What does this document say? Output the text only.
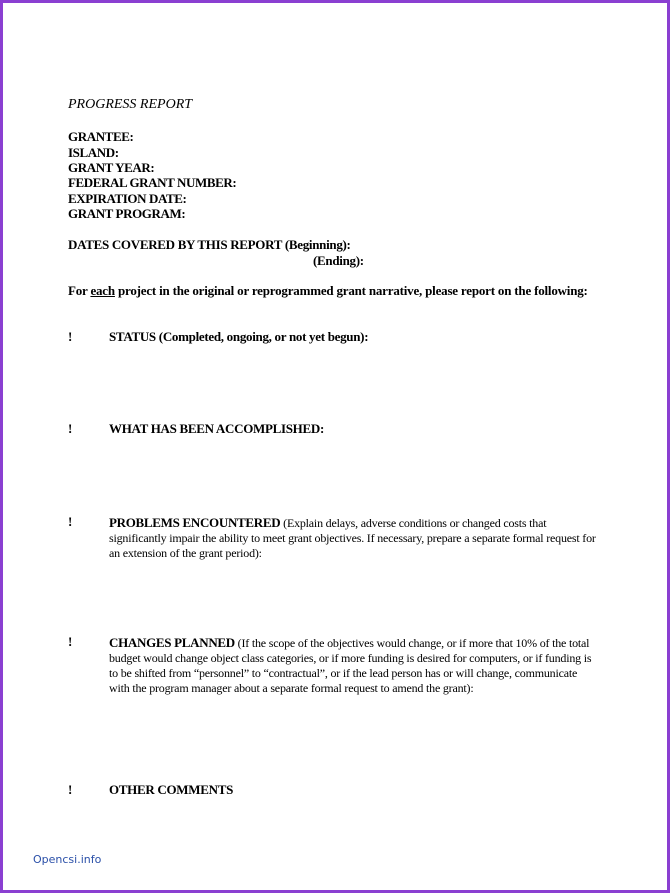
PROGRESS REPORT
GRANTEE:
ISLAND:
GRANT YEAR:
FEDERAL GRANT NUMBER:
EXPIRATION DATE:
GRANT PROGRAM:
DATES COVERED BY THIS REPORT (Beginning):
(Ending):
For each project in the original or reprogrammed grant narrative, please report on the following:
!	STATUS (Completed, ongoing, or not yet begun):
!	WHAT HAS BEEN ACCOMPLISHED:
!	PROBLEMS ENCOUNTERED (Explain delays, adverse conditions or changed costs that significantly impair the ability to meet grant objectives. If necessary, prepare a separate formal request for an extension of the grant period):
!	CHANGES PLANNED (If the scope of the objectives would change, or if more that 10% of the total budget would change object class categories, or if more funding is desired for computers, or if funding is to be shifted from “personnel” to “contractual”, or if the lead person has or will change, communicate with the program manager about a separate formal request to amend the grant):
!	OTHER COMMENTS
Opencsi.info
